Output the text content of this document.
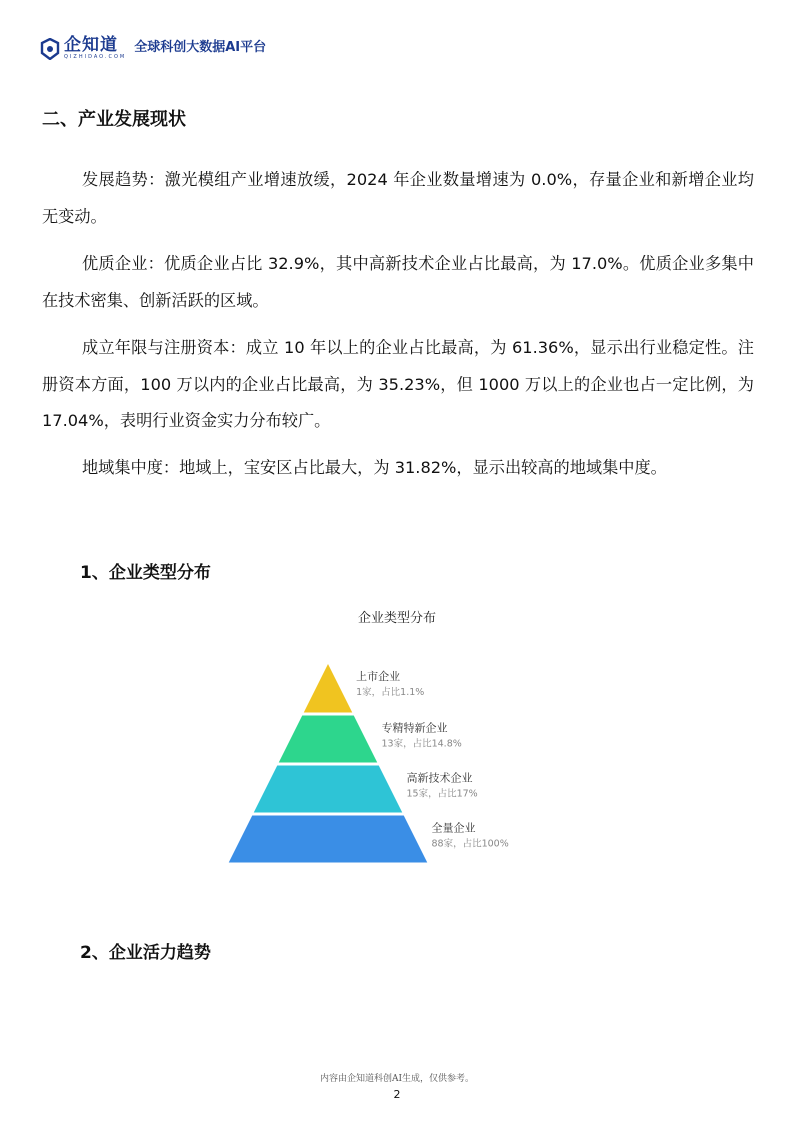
企知道
QIZHIDAO.COM
全球科创大数据AI平台
二、产业发展现状
发展趋势：激光模组产业增速放缓，2024 年企业数量增速为 0.0%，存量企业和新增企业均无变动。
优质企业：优质企业占比 32.9%，其中高新技术企业占比最高，为 17.0%。优质企业多集中在技术密集、创新活跃的区域。
成立年限与注册资本：成立 10 年以上的企业占比最高，为 61.36%，显示出行业稳定性。注册资本方面，100 万以内的企业占比最高，为 35.23%，但 1000 万以上的企业也占一定比例，为 17.04%，表明行业资金实力分布较广。
地域集中度：地域上，宝安区占比最大，为 31.82%，显示出较高的地域集中度。
1、企业类型分布
企业类型分布
上市企业
1家，占比1.1%
专精特新企业
13家，占比14.8%
高新技术企业
15家，占比17%
全量企业
88家，占比100%
2、企业活力趋势
内容由企知道科创AI生成，仅供参考。
2
